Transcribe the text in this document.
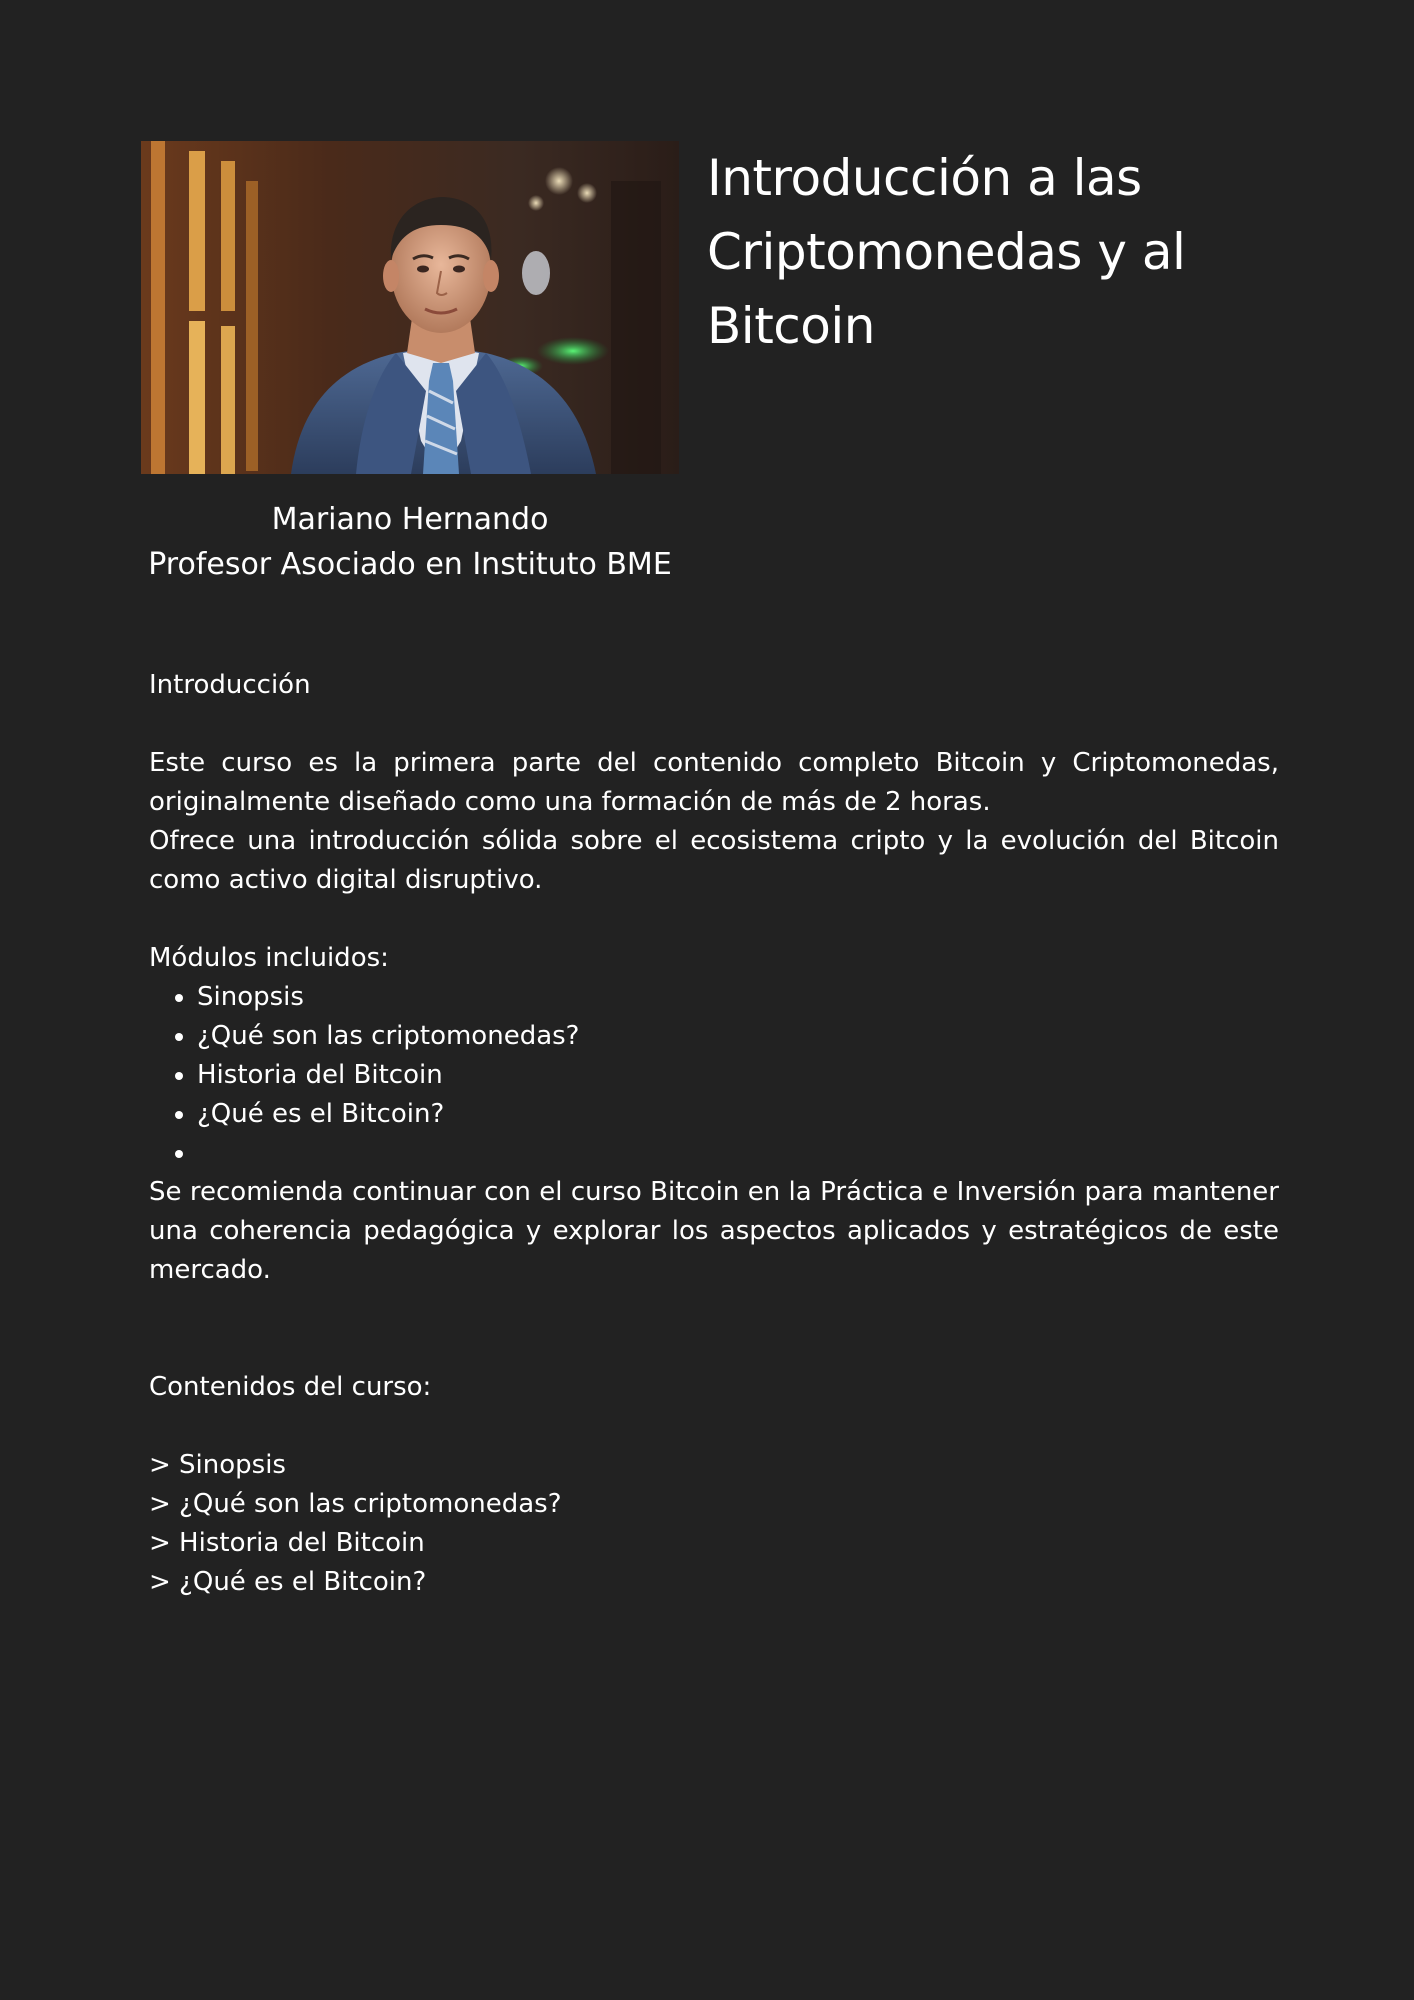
Introducción a las
Criptomonedas y al Bitcoin
Mariano Hernando
Profesor Asociado en Instituto BME

Introducción

Este curso es la primera parte del contenido completo Bitcoin y Criptomonedas, originalmente diseñado como una formación de más de 2 horas.

Ofrece una introducción sólida sobre el ecosistema cripto y la evolución del Bitcoin como activo digital disruptivo.

Módulos incluidos:

• Sinopsis
• ¿Qué son las criptomonedas?
• Historia del Bitcoin
• ¿Qué es el Bitcoin?
•

Se recomienda continuar con el curso Bitcoin en la Práctica e Inversión para mantener una coherencia pedagógica y explorar los aspectos aplicados y estratégicos de este mercado.

Contenidos del curso:

> Sinopsis
> ¿Qué son las criptomonedas?
> Historia del Bitcoin
> ¿Qué es el Bitcoin?
